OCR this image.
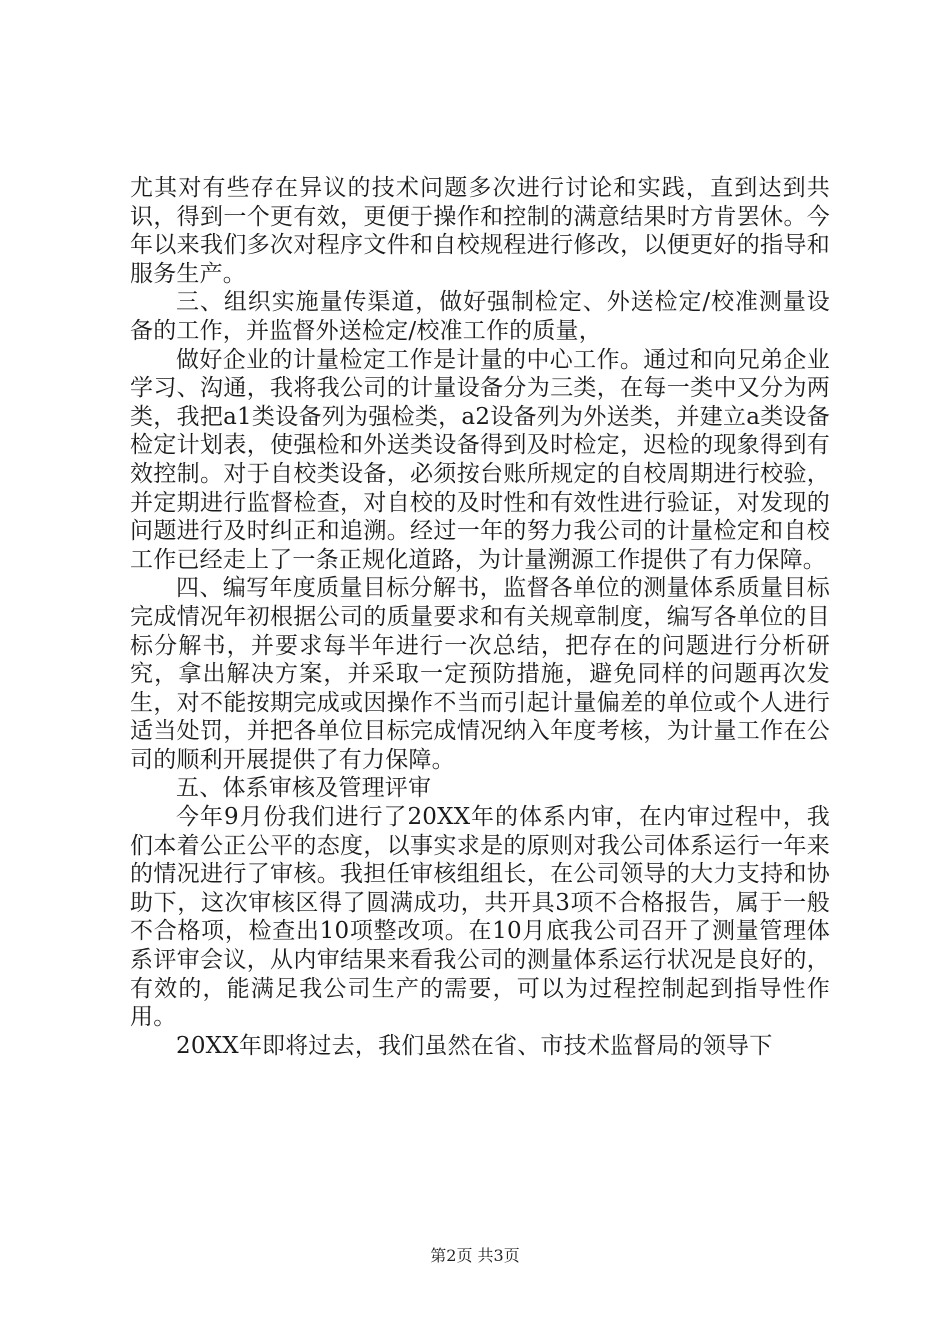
尤其对有些存在异议的技术问题多次进行讨论和实践，直到达到共识，得到一个更有效，更便于操作和控制的满意结果时方肯罢休。今年以来我们多次对程序文件和自校规程进行修改，以便更好的指导和服务生产。

三、组织实施量传渠道，做好强制检定、外送检定/校准测量设备的工作，并监督外送检定/校准工作的质量，

做好企业的计量检定工作是计量的中心工作。通过和向兄弟企业学习、沟通，我将我公司的计量设备分为三类，在每一类中又分为两类，我把a1类设备列为强检类，a2设备列为外送类，并建立a类设备检定计划表，使强检和外送类设备得到及时检定，迟检的现象得到有效控制。对于自校类设备，必须按台账所规定的自校周期进行校验，并定期进行监督检查，对自校的及时性和有效性进行验证，对发现的问题进行及时纠正和追溯。经过一年的努力我公司的计量检定和自校工作已经走上了一条正规化道路，为计量溯源工作提供了有力保障。

四、编写年度质量目标分解书，监督各单位的测量体系质量目标完成情况年初根据公司的质量要求和有关规章制度，编写各单位的目标分解书，并要求每半年进行一次总结，把存在的问题进行分析研究，拿出解决方案，并采取一定预防措施，避免同样的问题再次发生，对不能按期完成或因操作不当而引起计量偏差的单位或个人进行适当处罚，并把各单位目标完成情况纳入年度考核，为计量工作在公司的顺利开展提供了有力保障。

五、体系审核及管理评审

今年9月份我们进行了20XX年的体系内审，在内审过程中，我们本着公正公平的态度，以事实求是的原则对我公司体系运行一年来的情况进行了审核。我担任审核组组长，在公司领导的大力支持和协助下，这次审核区得了圆满成功，共开具3项不合格报告，属于一般不合格项，检查出10项整改项。在10月底我公司召开了测量管理体系评审会议，从内审结果来看我公司的测量体系运行状况是良好的，有效的，能满足我公司生产的需要，可以为过程控制起到指导性作用。

20XX年即将过去，我们虽然在省、市技术监督局的领导下

第2页 共3页
